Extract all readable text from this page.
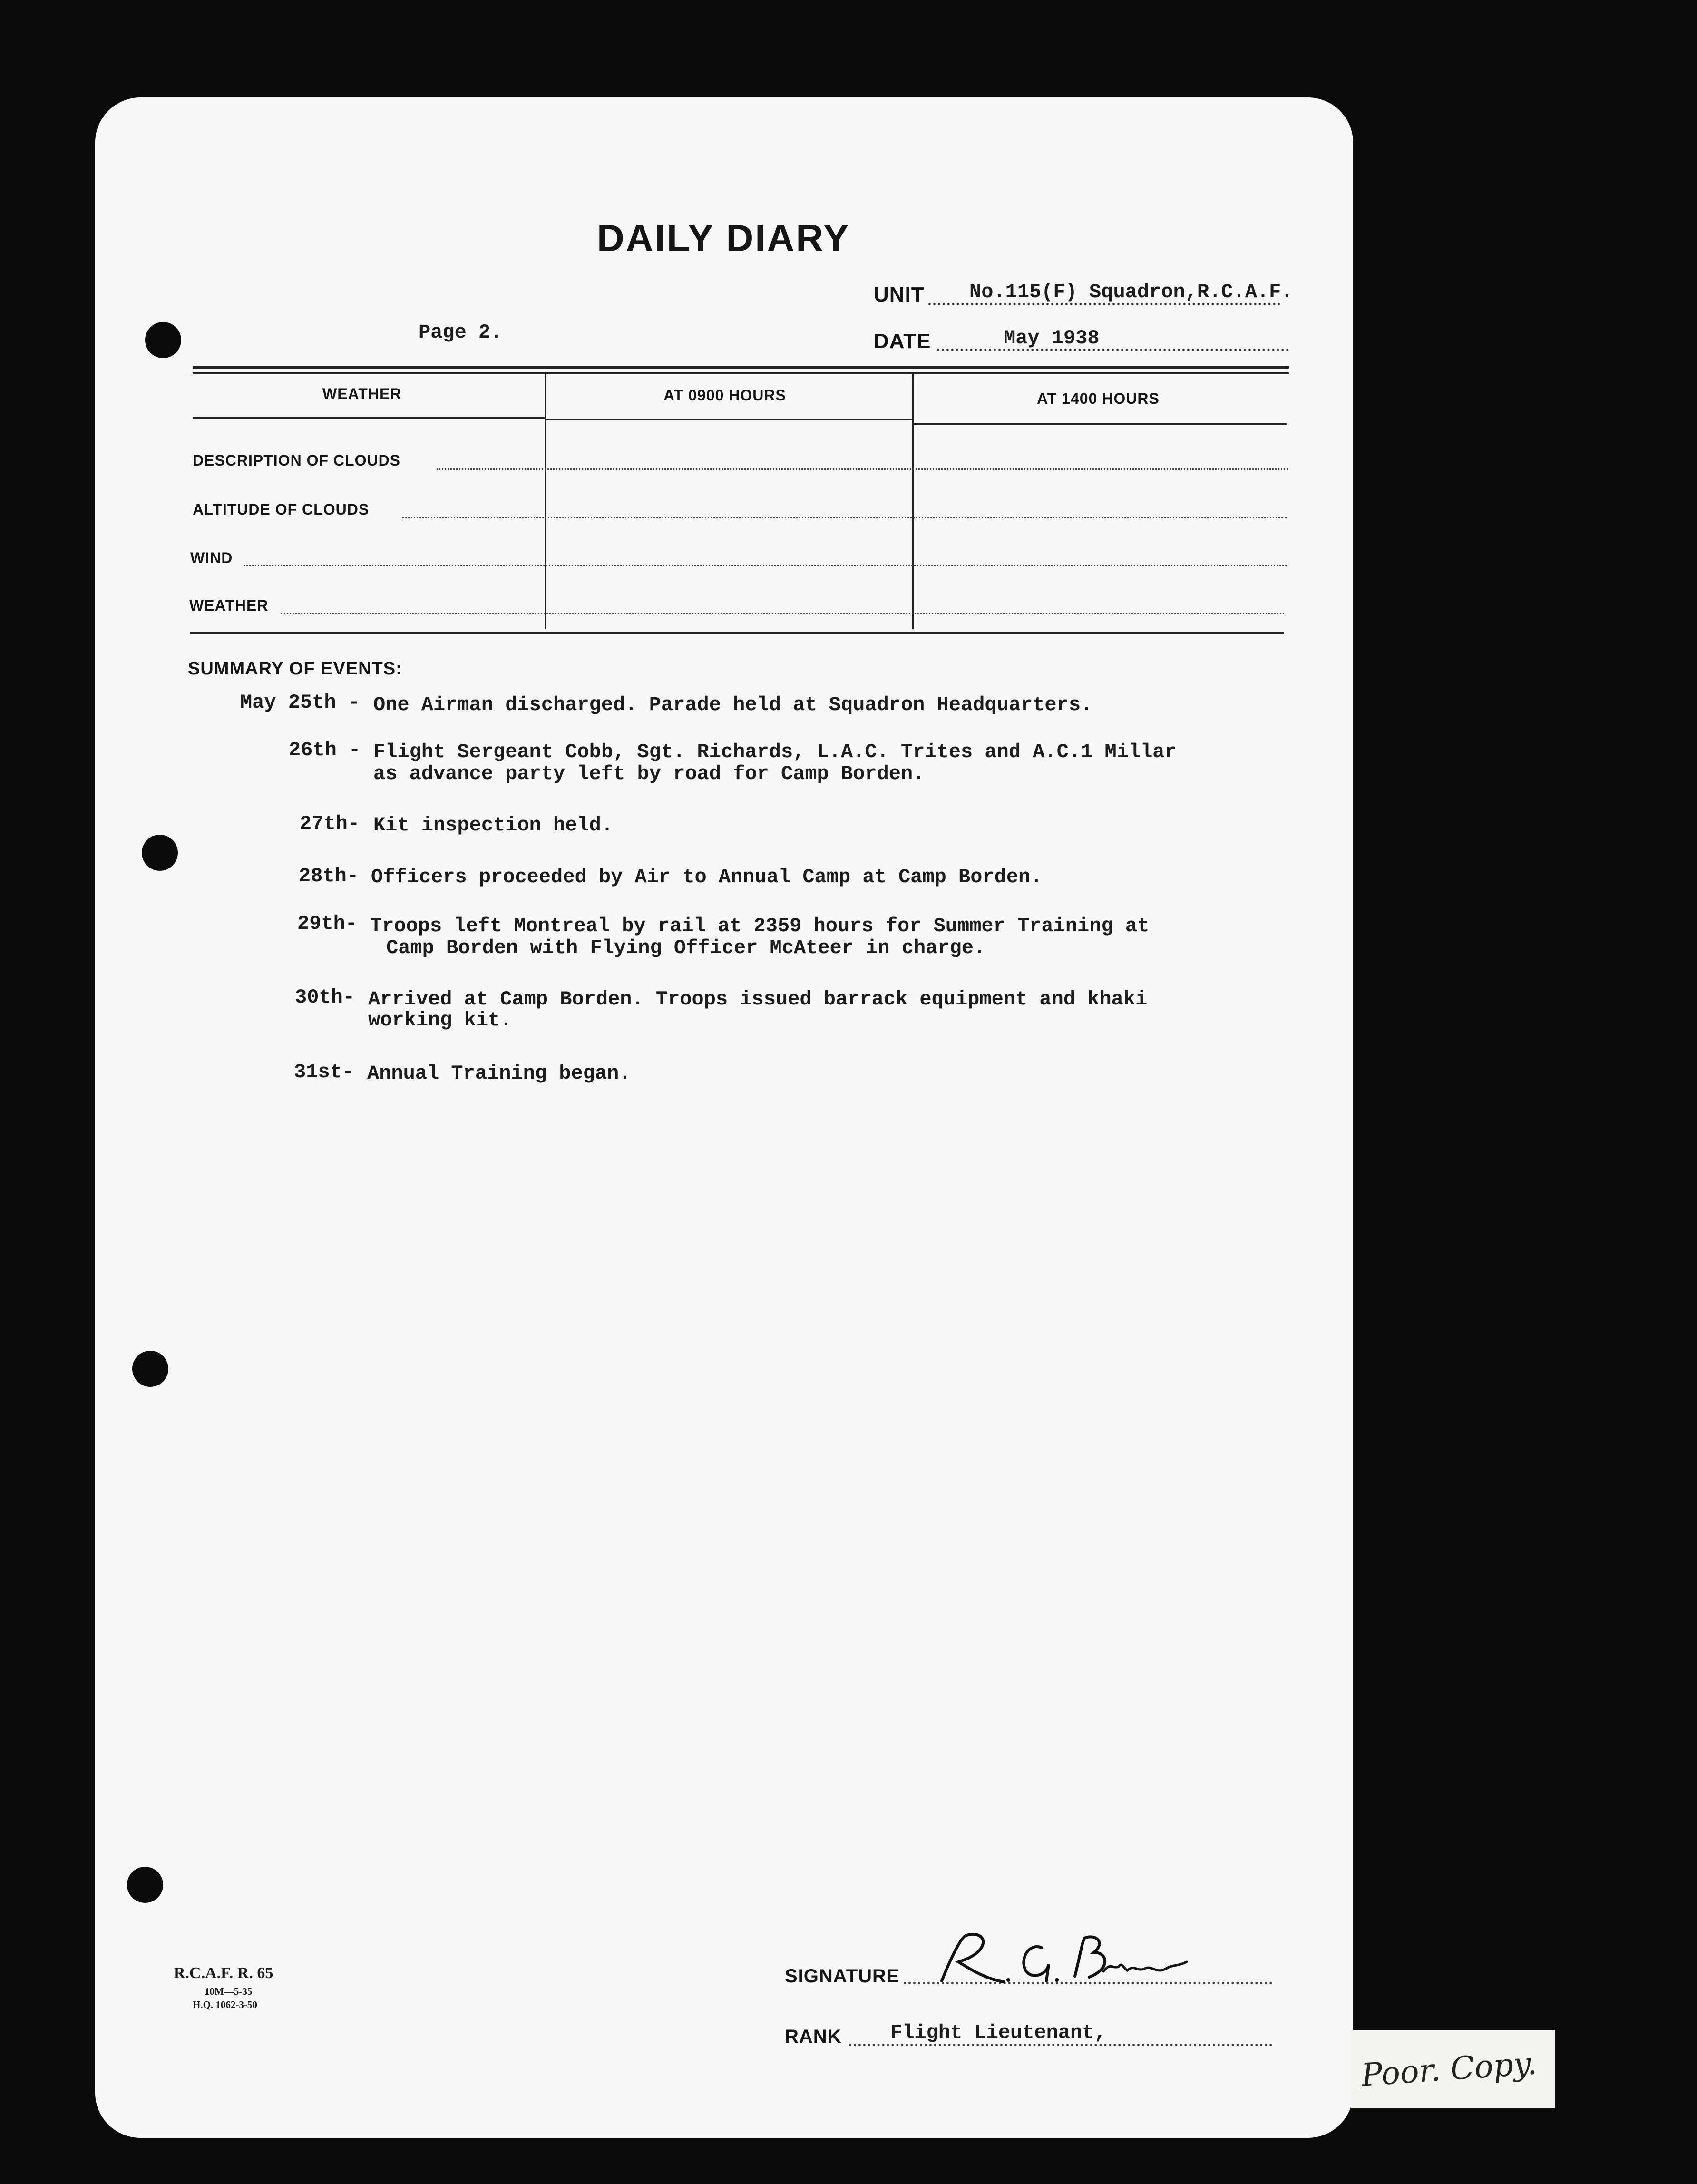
DAILY DIARY
UNIT No.115(F) Squadron,R.C.A.F.
Page 2.	DATE	May 1938
WEATHER	AT 0900 HOURS	AT 1400 HOURS
DESCRIPTION OF CLOUDS
ALTITUDE OF CLOUDS
WIND
WEATHER
SUMMARY OF EVENTS:
May 25th - One Airman discharged. Parade held at Squadron Headquarters.
26th - Flight Sergeant Cobb, Sgt. Richards, L.A.C. Trites and A.C.1 Millar
as advance party left by road for Camp Borden.
27th- Kit inspection held.
28th- Officers proceeded by Air to Annual Camp at Camp Borden.
29th- Troops left Montreal by rail at 2359 hours for Summer Training at
Camp Borden with Flying Officer McAteer in charge.
30th- Arrived at Camp Borden. Troops issued barrack equipment and khaki
working kit.
31st- Annual Training began.
R.C.A.F. R. 65
10M—5-35
H.Q. 1062-3-50
SIGNATURE
RANK Flight Lieutenant,
Poor. Copy.
